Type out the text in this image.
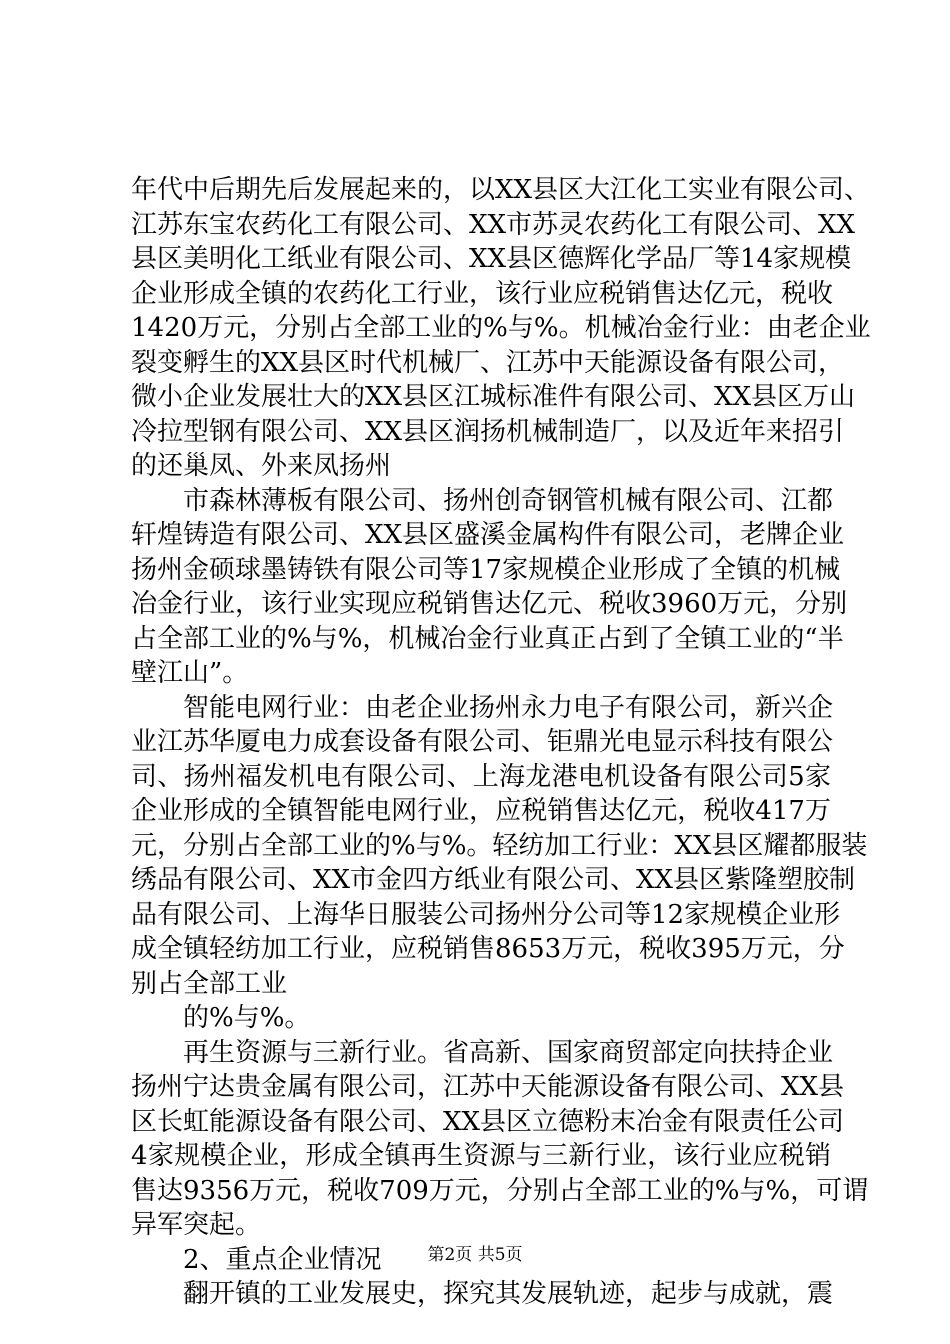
年代中后期先后发展起来的，以XX县区大江化工实业有限公司、
江苏东宝农药化工有限公司、XX市苏灵农药化工有限公司、XX
县区美明化工纸业有限公司、XX县区德辉化学品厂等14家规模
企业形成全镇的农药化工行业，该行业应税销售达亿元，税收
1420万元，分别占全部工业的%与%。机械冶金行业：由老企业
裂变孵生的XX县区时代机械厂、江苏中天能源设备有限公司，
微小企业发展壮大的XX县区江城标准件有限公司、XX县区万山
冷拉型钢有限公司、XX县区润扬机械制造厂，以及近年来招引
的还巢凤、外来凤扬州
市森林薄板有限公司、扬州创奇钢管机械有限公司、江都
轩煌铸造有限公司、XX县区盛溪金属构件有限公司，老牌企业
扬州金硕球墨铸铁有限公司等17家规模企业形成了全镇的机械
冶金行业，该行业实现应税销售达亿元、税收3960万元，分别
占全部工业的%与%，机械冶金行业真正占到了全镇工业的“半
壁江山”。
智能电网行业：由老企业扬州永力电子有限公司，新兴企
业江苏华厦电力成套设备有限公司、钜鼎光电显示科技有限公
司、扬州福发机电有限公司、上海龙港电机设备有限公司5家
企业形成的全镇智能电网行业，应税销售达亿元，税收417万
元，分别占全部工业的%与%。轻纺加工行业：XX县区耀都服装
绣品有限公司、XX市金四方纸业有限公司、XX县区紫隆塑胶制
品有限公司、上海华日服装公司扬州分公司等12家规模企业形
成全镇轻纺加工行业，应税销售8653万元，税收395万元，分
别占全部工业
的%与%。
再生资源与三新行业。省高新、国家商贸部定向扶持企业
扬州宁达贵金属有限公司，江苏中天能源设备有限公司、XX县
区长虹能源设备有限公司、XX县区立德粉末冶金有限责任公司
4家规模企业，形成全镇再生资源与三新行业，该行业应税销
售达9356万元，税收709万元，分别占全部工业的%与%，可谓
异军突起。
2、重点企业情况
翻开镇的工业发展史，探究其发展轨迹，起步与成就，震
第2页 共5页
